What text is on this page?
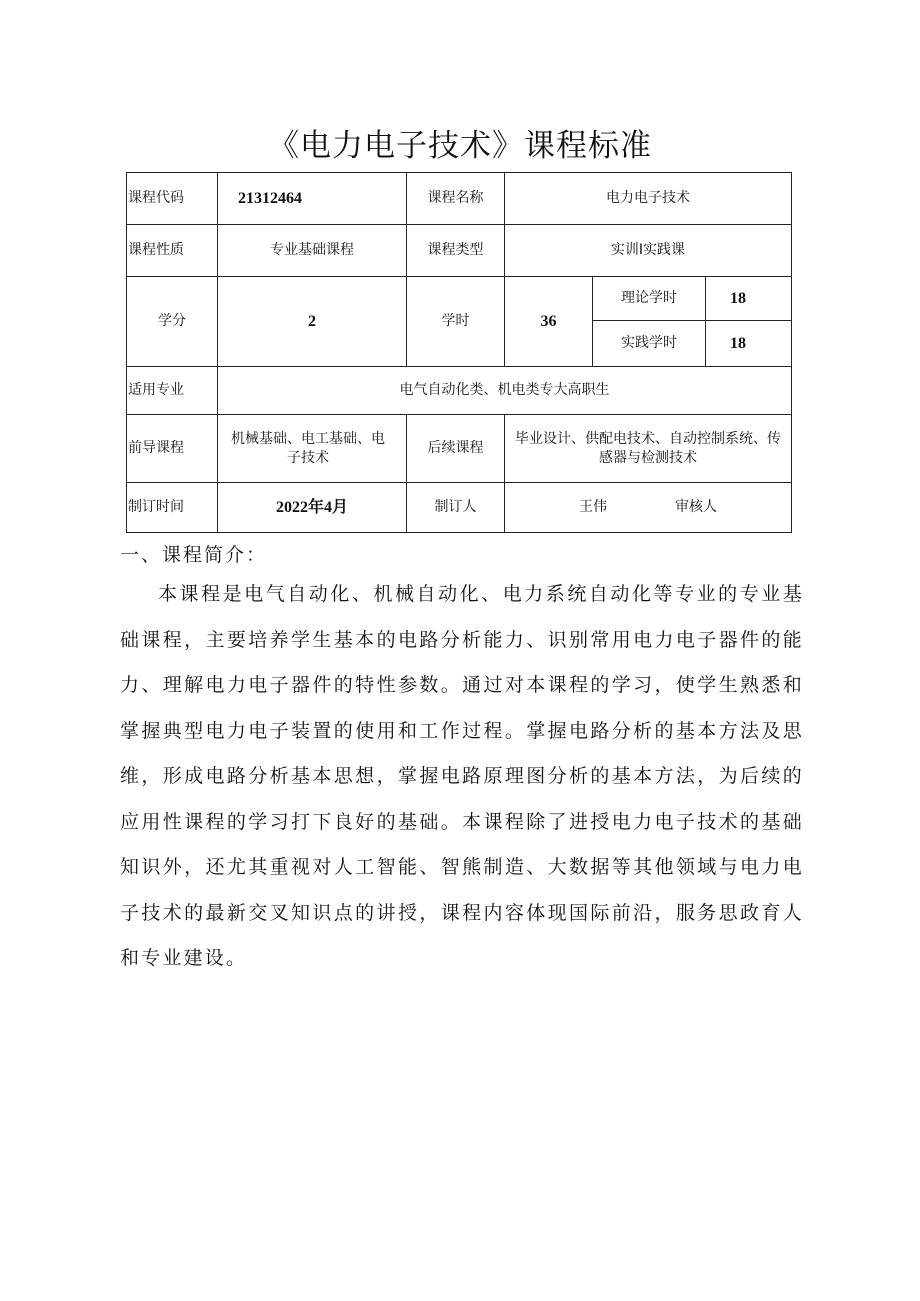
《电力电子技术》课程标准
课程代码	21312464	课程名称	电力电子技术		
课程性质	专业基础课程	课程类型	实训I实践课		
学分	2	学时	36	理论学时	18
				实践学时	18
适用专业	电气自动化类、机电类专大高职生				
前导课程	机械基础、电工基础、电子技术	后续课程	毕业设计、供配电技术、自动控制系统、传感器与检测技术		
制订时间	2022年4月	制订人	王伟 审核人		
一、课程简介：

本课程是电气自动化、机械自动化、电力系统自动化等专业的专业基础课程，主要培养学生基本的电路分析能力、识别常用电力电子器件的能力、理解电力电子器件的特性参数。通过对本课程的学习，使学生熟悉和掌握典型电力电子装置的使用和工作过程。掌握电路分析的基本方法及思维，形成电路分析基本思想，掌握电路原理图分析的基本方法，为后续的应用性课程的学习打下良好的基础。本课程除了进授电力电子技术的基础知识外，还尤其重视对人工智能、智熊制造、大数据等其他领域与电力电子技术的最新交叉知识点的讲授，课程内容体现国际前沿，服务思政育人和专业建设。
